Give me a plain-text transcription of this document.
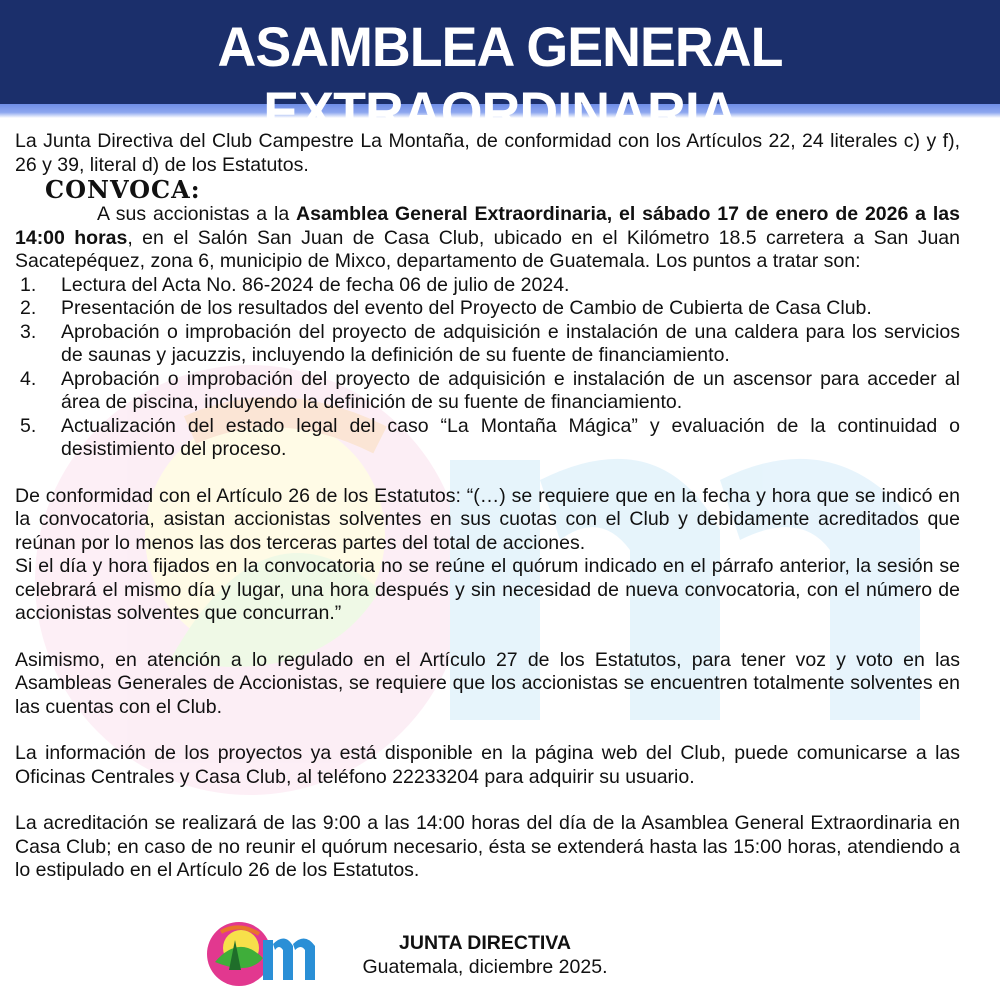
ASAMBLEA GENERAL EXTRAORDINARIA

La Junta Directiva del Club Campestre La Montaña, de conformidad con los Artículos 22, 24 literales c) y f), 26 y 39, literal d) de los Estatutos.

CONVOCA:

A sus accionistas a la Asamblea General Extraordinaria, el sábado 17 de enero de 2026 a las 14:00 horas, en el Salón San Juan de Casa Club, ubicado en el Kilómetro 18.5 carretera a San Juan Sacatepéquez, zona 6, municipio de Mixco, departamento de Guatemala. Los puntos a tratar son:

1.	Lectura del Acta No. 86-2024 de fecha 06 de julio de 2024.
2.	Presentación de los resultados del evento del Proyecto de Cambio de Cubierta de Casa Club.
3.	Aprobación o improbación del proyecto de adquisición e instalación de una caldera para los servicios de saunas y jacuzzis, incluyendo la definición de su fuente de financiamiento.
4.	Aprobación o improbación del proyecto de adquisición e instalación de un ascensor para acceder al área de piscina, incluyendo la definición de su fuente de financiamiento.
5.	Actualización del estado legal del caso “La Montaña Mágica” y evaluación de la continuidad o desistimiento del proceso.

De conformidad con el Artículo 26 de los Estatutos: “(…) se requiere que en la fecha y hora que se indicó en la convocatoria, asistan accionistas solventes en sus cuotas con el Club y debidamente acreditados que reúnan por lo menos las dos terceras partes del total de acciones.

Si el día y hora fijados en la convocatoria no se reúne el quórum indicado en el párrafo anterior, la sesión se celebrará el mismo día y lugar, una hora después y sin necesidad de nueva convocatoria, con el número de accionistas solventes que concurran.”

Asimismo, en atención a lo regulado en el Artículo 27 de los Estatutos, para tener voz y voto en las Asambleas Generales de Accionistas, se requiere que los accionistas se encuentren totalmente solventes en las cuentas con el Club.

La información de los proyectos ya está disponible en la página web del Club, puede comunicarse a las Oficinas Centrales y Casa Club, al teléfono 22233204 para adquirir su usuario.

La acreditación se realizará de las 9:00 a las 14:00 horas del día de la Asamblea General Extraordinaria en Casa Club; en caso de no reunir el quórum necesario, ésta se extenderá hasta las 15:00 horas, atendiendo a lo estipulado en el Artículo 26 de los Estatutos.

JUNTA DIRECTIVA
Guatemala, diciembre 2025.
